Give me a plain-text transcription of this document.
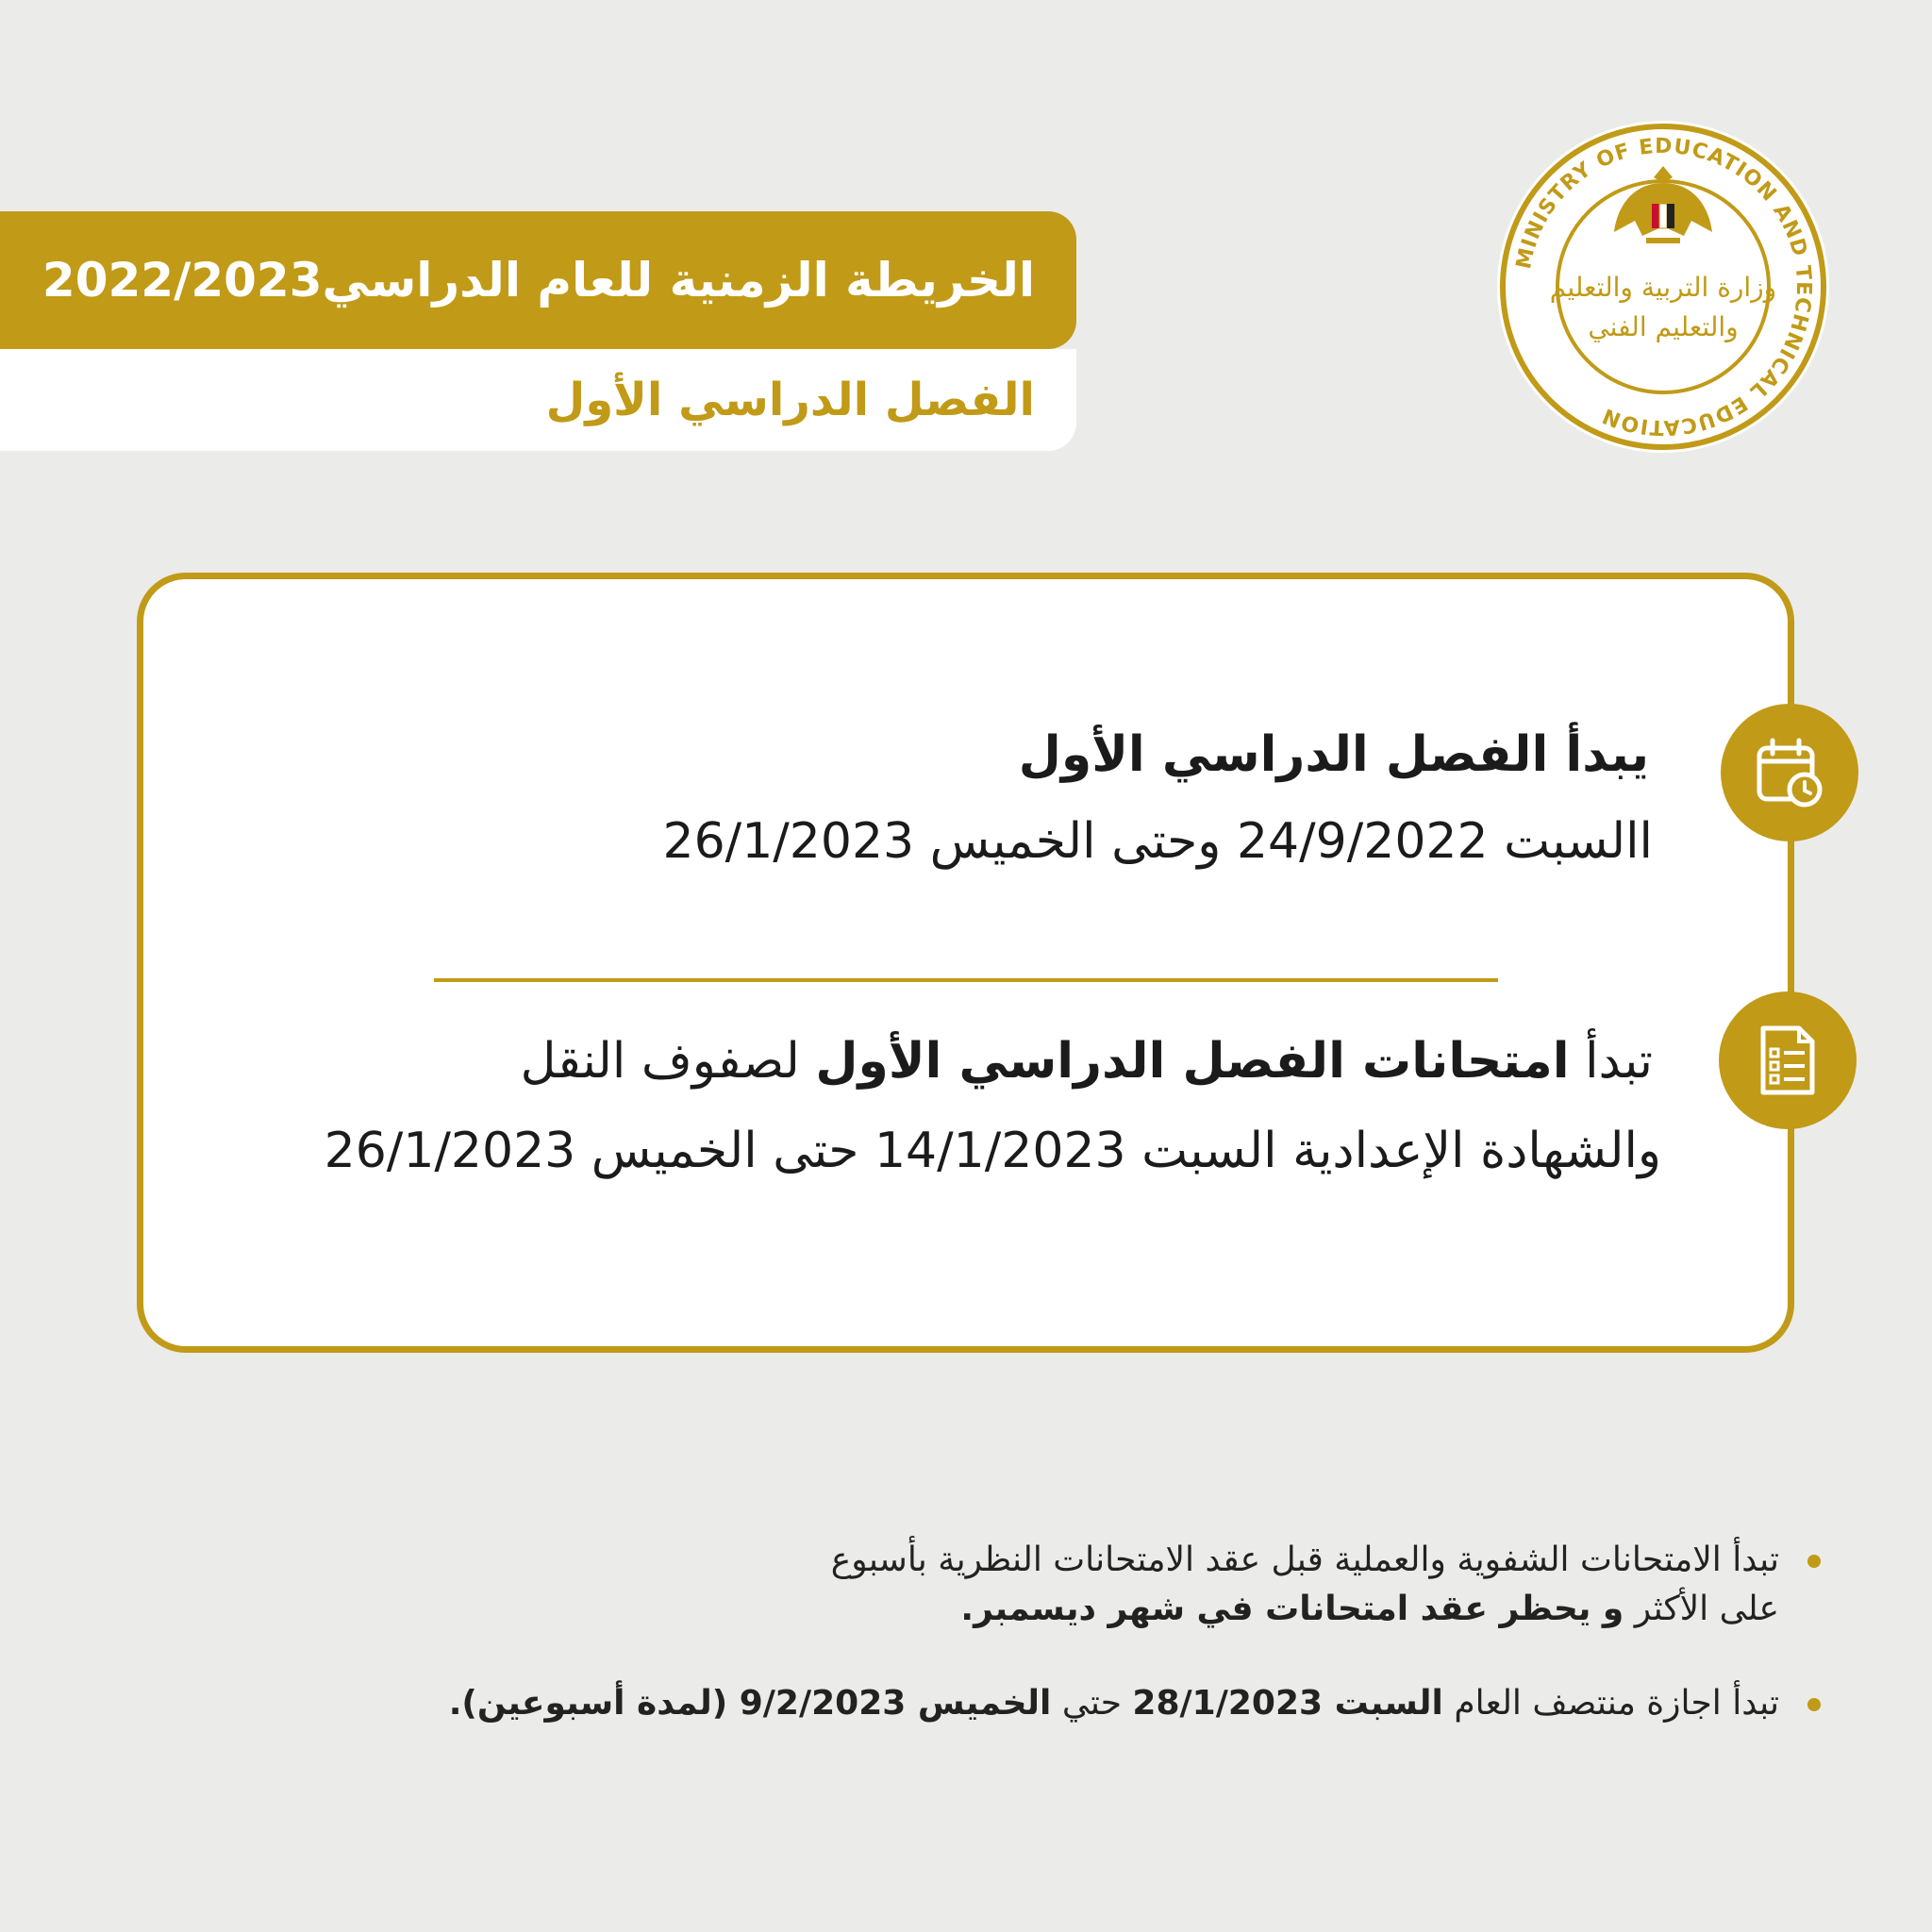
الخريطة الزمنية للعام الدراسي2022/2023
الفصل الدراسي الأول
MINISTRY OF EDUCATION AND TECHNICAL EDUCATION
وزارة التربية والتعليم
والتعليم الفني
يبدأ الفصل الدراسي الأول
االسبت 24/9/2022 وحتى الخميس 26/1/2023
تبدأ امتحانات الفصل الدراسي الأول لصفوف النقل
والشهادة الإعدادية السبت 14/1/2023 حتى الخميس 26/1/2023
تبدأ الامتحانات الشفوية والعملية قبل عقد الامتحانات النظرية بأسبوع
على الأكثر و يحظر عقد امتحانات في شهر ديسمبر.
تبدأ اجازة منتصف العام السبت 28/1/2023 حتي الخميس 9/2/2023 (لمدة أسبوعين).
